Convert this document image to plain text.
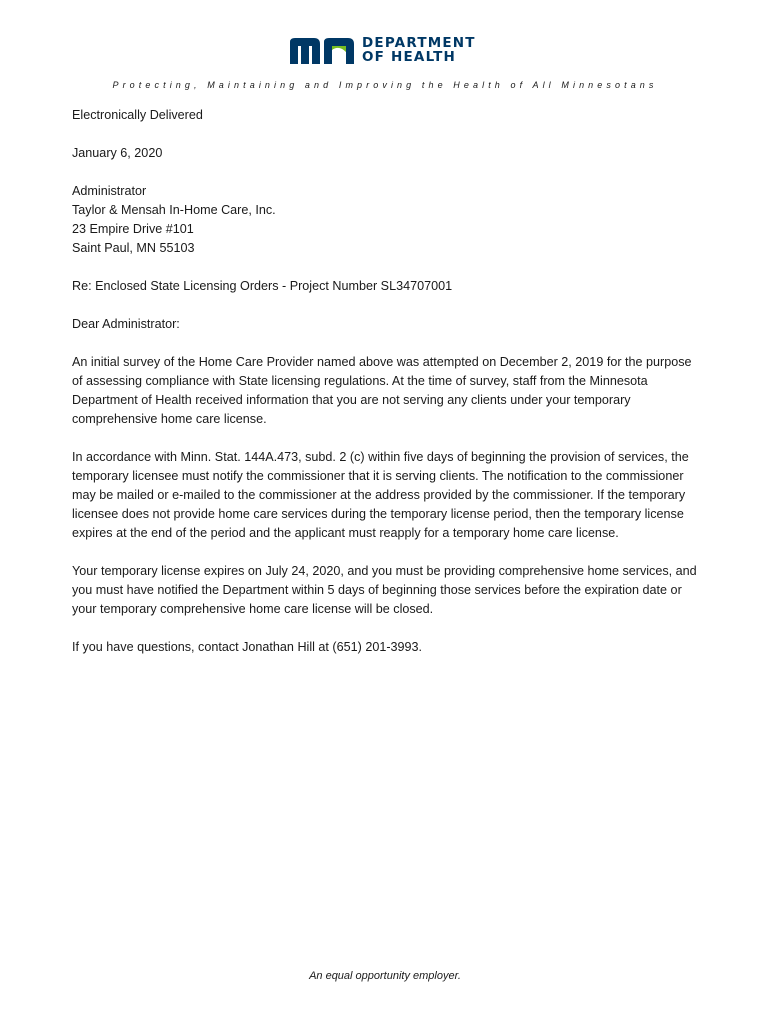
DEPARTMENT
OF HEALTH
Protecting, Maintaining and Improving the Health of All Minnesotans

Electronically Delivered

January 6, 2020

Administrator
Taylor & Mensah In-Home Care, Inc.
23 Empire Drive #101
Saint Paul, MN 55103

Re: Enclosed State Licensing Orders - Project Number SL34707001

Dear Administrator:

An initial survey of the Home Care Provider named above was attempted on December 2, 2019 for the purpose of assessing compliance with State licensing regulations. At the time of survey, staff from the Minnesota Department of Health received information that you are not serving any clients under your temporary comprehensive home care license.

In accordance with Minn. Stat. 144A.473, subd. 2 (c) within five days of beginning the provision of services, the temporary licensee must notify the commissioner that it is serving clients. The notification to the commissioner may be mailed or e-mailed to the commissioner at the address provided by the commissioner. If the temporary licensee does not provide home care services during the temporary license period, then the temporary license expires at the end of the period and the applicant must reapply for a temporary home care license.

Your temporary license expires on July 24, 2020, and you must be providing comprehensive home services, and you must have notified the Department within 5 days of beginning those services before the expiration date or your temporary comprehensive home care license will be closed.

If you have questions, contact Jonathan Hill at (651) 201-3993.

An equal opportunity employer.
